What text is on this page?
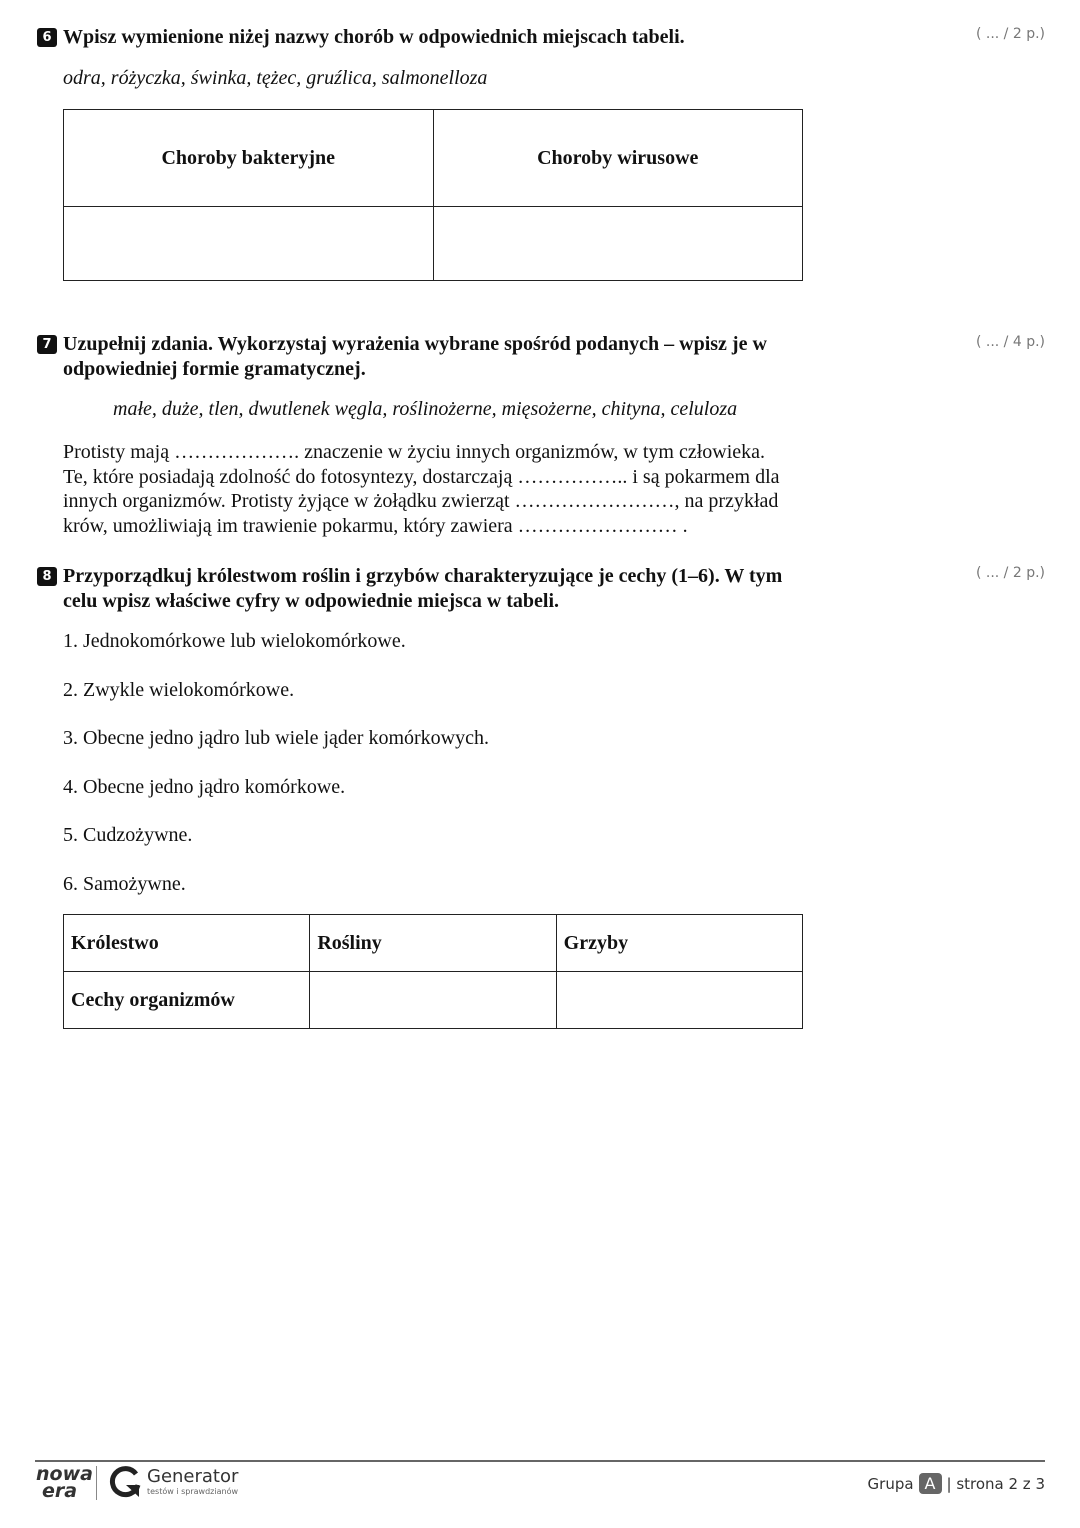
6 Wpisz wymienione niżej nazwy chorób w odpowiednich miejscach tabeli.	( ... / 2 p.)
odra, różyczka, świnka, tężec, gruźlica, salmonelloza
Choroby bakteryjne	Choroby wirusowe

7 Uzupełnij zdania. Wykorzystaj wyrażenia wybrane spośród podanych – wpisz je w odpowiedniej formie gramatycznej.
( ... / 4 p.)
małe, duże, tlen, dwutlenek węgla, roślinożerne, mięsożerne, chityna, celuloza
Protisty mają ………………. znaczenie w życiu innych organizmów, w tym człowieka.
Te, które posiadają zdolność do fotosyntezy, dostarczają …………….. i są pokarmem dla
innych organizmów. Protisty żyjące w żołądku zwierząt ……………………, na przykład
krów, umożliwiają im trawienie pokarmu, który zawiera …………………… .
8 Przyporządkuj królestwom roślin i grzybów charakteryzujące je cechy (1–6). W tym celu wpisz właściwe cyfry w odpowiednie miejsca w tabeli.
( ... / 2 p.)
1. Jednokomórkowe lub wielokomórkowe.
2. Zwykle wielokomórkowe.
3. Obecne jedno jądro lub wiele jąder komórkowych.
4. Obecne jedno jądro komórkowe.
5. Cudzożywne.
6. Samożywne.
Królestwo	Rośliny	Grzyby
Cechy organizmów		
nowa
era
Generator
testów i sprawdzianów	Grupa A | strona 2 z 3
